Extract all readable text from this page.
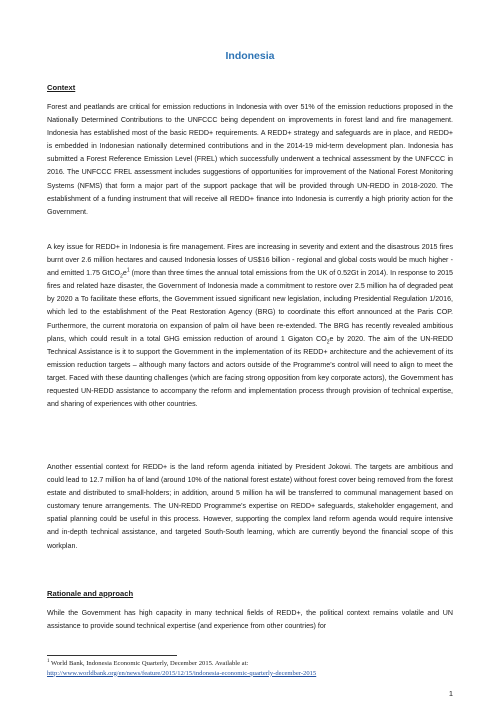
Indonesia

Context

Forest and peatlands are critical for emission reductions in Indonesia with over 51% of the emission reductions proposed in the Nationally Determined Contributions to the UNFCCC being dependent on improvements in forest land and fire management. Indonesia has established most of the basic REDD+ requirements. A REDD+ strategy and safeguards are in place, and REDD+ is embedded in Indonesian nationally determined contributions and in the 2014-19 mid-term development plan. Indonesia has submitted a Forest Reference Emission Level (FREL) which successfully underwent a technical assessment by the UNFCCC in 2016. The UNFCCC FREL assessment includes suggestions of opportunities for improvement of the National Forest Monitoring Systems (NFMS) that form a major part of the support package that will be provided through UN-REDD in 2018-2020. The establishment of a funding instrument that will receive all REDD+ finance into Indonesia is currently a high priority action for the Government.

A key issue for REDD+ in Indonesia is fire management. Fires are increasing in severity and extent and the disastrous 2015 fires burnt over 2.6 million hectares and caused Indonesia losses of US$16 billion - regional and global costs would be much higher - and emitted 1.75 $GtCO_2e^1$ (more than three times the annual total emissions from the UK of 0.52Gt in 2014). In response to 2015 fires and related haze disaster, the Government of Indonesia made a commitment to restore over 2.5 million ha of degraded peat by 2020 a To facilitate these efforts, the Government issued significant new legislation, including Presidential Regulation 1/2016, which led to the establishment of the Peat Restoration Agency (BRG) to coordinate this effort announced at the Paris COP. Furthermore, the current moratoria on expansion of palm oil have been re-extended. The BRG has recently revealed ambitious plans, which could result in a total GHG emission reduction of around 1 Gigaton $CO_2e$ by 2020. The aim of the UN-REDD Technical Assistance is it to support the Government in the implementation of its REDD+ architecture and the achievement of its emission reduction targets – although many factors and actors outside of the Programme’s control will need to align to meet the target. Faced with these daunting challenges (which are facing strong opposition from key corporate actors), the Government has requested UN-REDD assistance to accompany the reform and implementation process through provision of technical expertise, and sharing of experiences with other countries.

Another essential context for REDD+ is the land reform agenda initiated by President Jokowi. The targets are ambitious and could lead to 12.7 million ha of land (around 10% of the national forest estate) without forest cover being removed from the forest estate and distributed to small-holders; in addition, around 5 million ha will be transferred to communal management based on customary tenure arrangements. The UN-REDD Programme’s expertise on REDD+ safeguards, stakeholder engagement, and spatial planning could be useful in this process. However, supporting the complex land reform agenda would require intensive and in-depth technical assistance, and targeted South-South learning, which are currently beyond the financial scope of this workplan.

Rationale and approach

While the Government has high capacity in many technical fields of REDD+, the political context remains volatile and UN assistance to provide sound technical expertise (and experience from other countries) for

$^1$ World Bank, Indonesia Economic Quarterly, December 2015. Available at:
http://www.worldbank.org/en/news/feature/2015/12/15/indonesia-economic-quarterly-december-2015
1
